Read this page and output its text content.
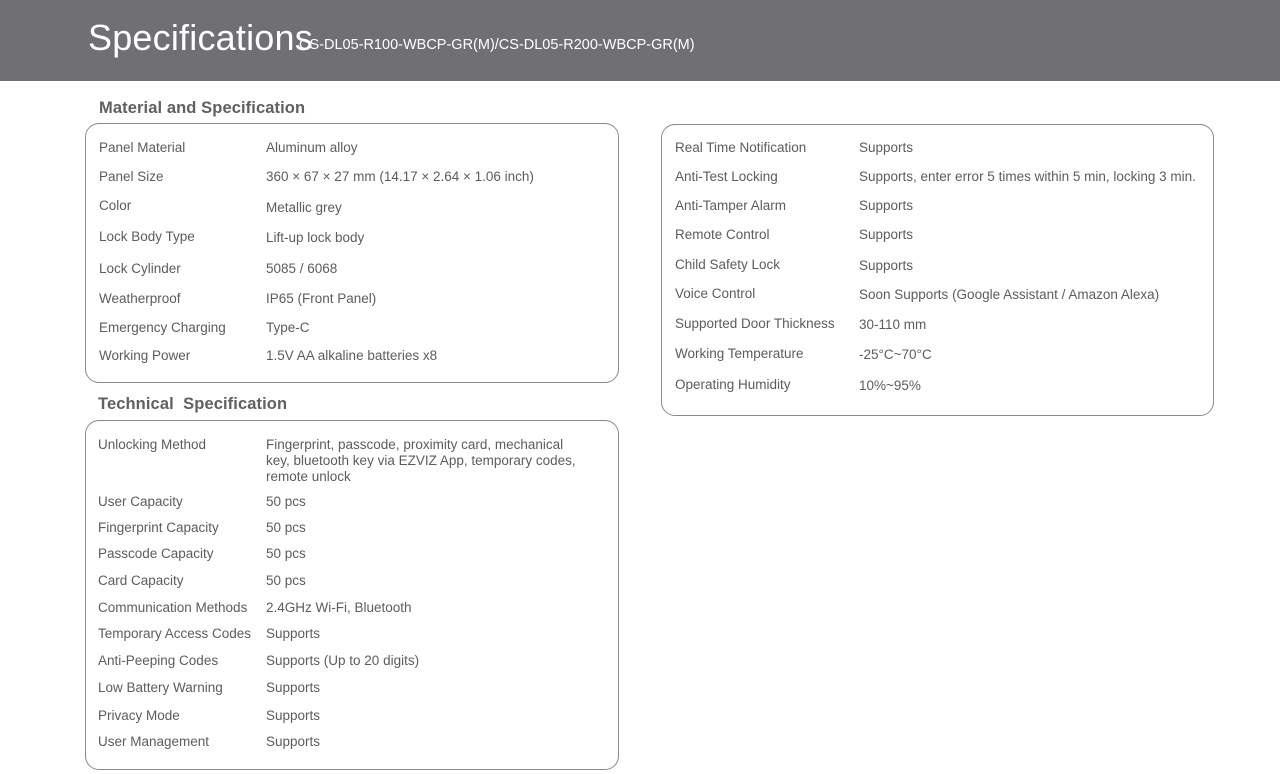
Specifications
CS-DL05-R100-WBCP-GR(M)/CS-DL05-R200-WBCP-GR(M)
Material and Specification
Panel Material	Aluminum alloy
Panel Size	360 × 67 × 27 mm (14.17 × 2.64 × 1.06 inch)
Color	Metallic grey
Lock Body Type	Lift-up lock body
Lock Cylinder	5085 / 6068
Weatherproof	IP65 (Front Panel)
Emergency Charging	Type-C
Working Power	1.5V AA alkaline batteries x8
Technical  Specification
Unlocking Method	Fingerprint, passcode, proximity card, mechanical key, bluetooth key via EZVIZ App, temporary codes, remote unlock
User Capacity	50 pcs
Fingerprint Capacity	50 pcs
Passcode Capacity	50 pcs
Card Capacity	50 pcs
Communication Methods 2.4GHz Wi-Fi, Bluetooth
Temporary Access Codes Supports
Anti-Peeping Codes	Supports (Up to 20 digits)
Low Battery Warning	Supports
Privacy Mode	Supports
User Management	Supports
Real Time Notification	Supports
Anti-Test Locking	Supports, enter error 5 times within 5 min, locking 3 min.
Anti-Tamper Alarm	Supports
Remote Control	Supports
Child Safety Lock	Supports
Voice Control	Soon Supports (Google Assistant / Amazon Alexa)
Supported Door Thickness 30-110 mm
Working Temperature	-25°C~70°C
Operating Humidity	10%~95%
